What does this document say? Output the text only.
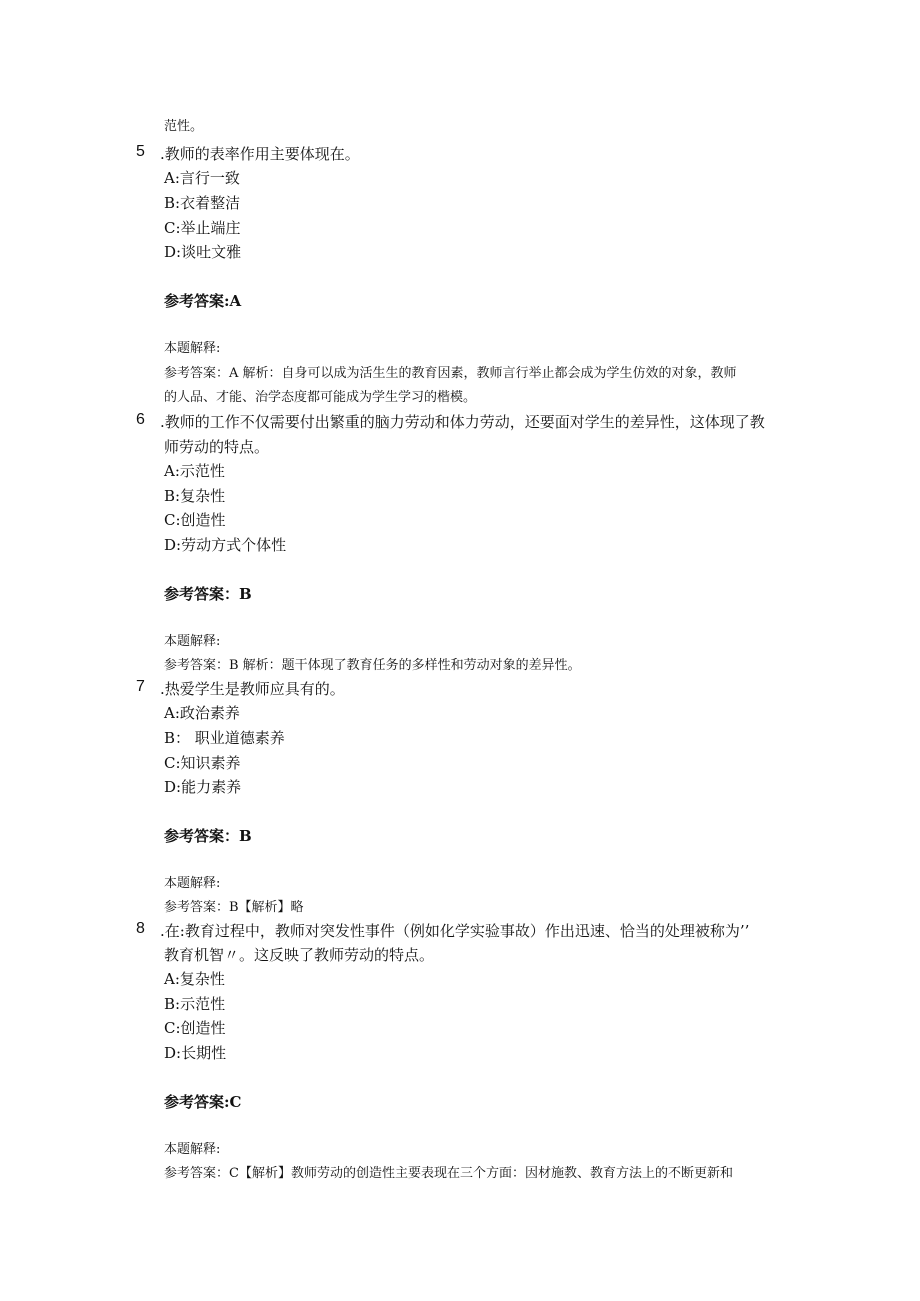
范性。
5 .教师的表率作用主要体现在。
A:言行一致
B:衣着整洁
C:举止端庄
D:谈吐文雅
参考答案:A
本题解释:
参考答案：A 解析：自身可以成为活生生的教育因素，教师言行举止都会成为学生仿效的对象，教师
的人品、才能、治学态度都可能成为学生学习的楷模。
6 .教师的工作不仅需要付出繁重的脑力劳动和体力劳动，还要面对学生的差异性，这体现了教
师劳动的特点。
A:示范性
B:复杂性
C:创造性
D:劳动方式个体性
参考答案：B
本题解释:
参考答案：B 解析：题干体现了教育任务的多样性和劳动对象的差异性。
7 .热爱学生是教师应具有的。
A:政治素养
B： 职业道德素养
C:知识素养
D:能力素养
参考答案：B
本题解释:
参考答案：B【解析】略
8 .在:教育过程中，教师对突发性事件（例如化学实验事故）作出迅速、恰当的处理被称为’’
教育机智〃。这反映了教师劳动的特点。
A:复杂性
B:示范性
C:创造性
D:长期性
参考答案:C
本题解释:
参考答案：C【解析】教师劳动的创造性主要表现在三个方面：因材施教、教育方法上的不断更新和
